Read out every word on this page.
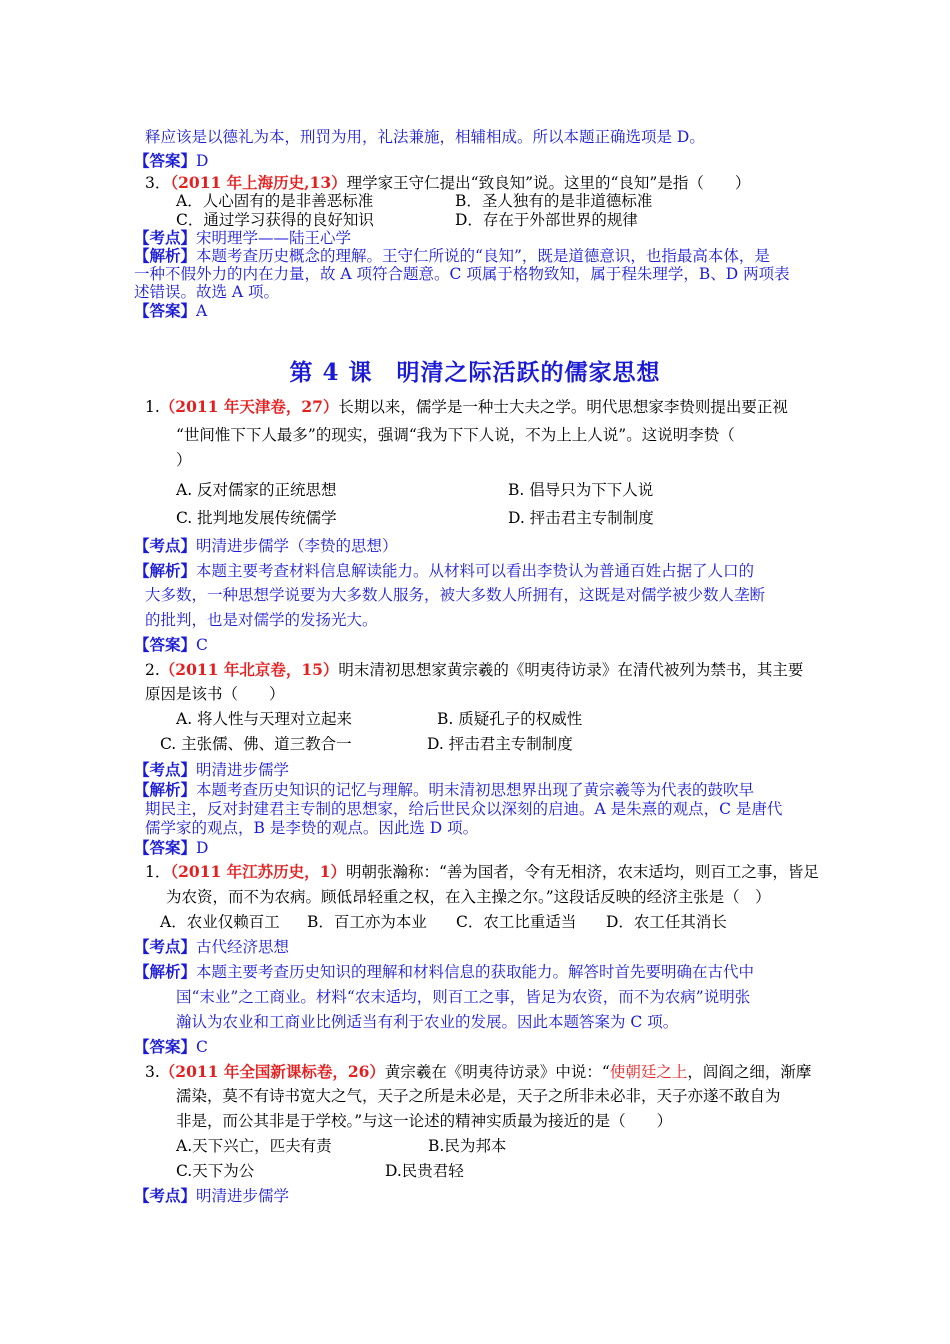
释应该是以德礼为本，刑罚为用，礼法兼施，相辅相成。所以本题正确选项是 D。
【答案】D
3．（2011 年上海历史,13）理学家王守仁提出“致良知”说。这里的“良知”是指（　　）
A．人心固有的是非善恶标准	B．圣人独有的是非道德标准
C．通过学习获得的良好知识	D．存在于外部世界的规律
【考点】宋明理学——陆王心学
【解析】本题考查历史概念的理解。王守仁所说的“良知”，既是道德意识，也指最高本体，是
一种不假外力的内在力量，故 A 项符合题意。C 项属于格物致知，属于程朱理学，B、D 两项表
述错误。故选 A 项。
【答案】A
第 4 课　明清之际活跃的儒家思想
1.（2011 年天津卷，27）长期以来，儒学是一种士大夫之学。明代思想家李贽则提出要正视
“世间惟下下人最多”的现实，强调“我为下下人说，不为上上人说”。这说明李贽（
）
A. 反对儒家的正统思想	B. 倡导只为下下人说
C. 批判地发展传统儒学	D. 抨击君主专制制度
【考点】明清进步儒学（李贽的思想）
【解析】本题主要考查材料信息解读能力。从材料可以看出李贽认为普通百姓占据了人口的
大多数，一种思想学说要为大多数人服务，被大多数人所拥有，这既是对儒学被少数人垄断
的批判，也是对儒学的发扬光大。
【答案】C
2.（2011 年北京卷，15）明末清初思想家黄宗羲的《明夷待访录》在清代被列为禁书，其主要
原因是该书（　　）
A. 将人性与天理对立起来	B. 质疑孔子的权威性
C. 主张儒、佛、道三教合一	D. 抨击君主专制制度
【考点】明清进步儒学
【解析】本题考查历史知识的记忆与理解。明末清初思想界出现了黄宗羲等为代表的鼓吹早
期民主，反对封建君主专制的思想家，给后世民众以深刻的启迪。A 是朱熹的观点，C 是唐代
儒学家的观点，B 是李贽的观点。因此选 D 项。
【答案】D
1．（2011 年江苏历史，1）明朝张瀚称：“善为国者，令有无相济，农末适均，则百工之事，皆足
为农资，而不为农病。顾低昂轻重之权，在入主操之尔。”这段话反映的经济主张是（　）
A．农业仅赖百工 B．百工亦为本业 C．农工比重适当 D．农工任其消长
【考点】古代经济思想
【解析】本题主要考查历史知识的理解和材料信息的获取能力。解答时首先要明确在古代中
国“末业”之工商业。材料“农末适均，则百工之事，皆足为农资，而不为农病”说明张
瀚认为农业和工商业比例适当有利于农业的发展。因此本题答案为 C 项。
【答案】C
3.（2011 年全国新课标卷，26）黄宗羲在《明夷待访录》中说：“使朝廷之上，闾阎之细，渐摩
濡染，莫不有诗书宽大之气，天子之所是未必是，天子之所非未必非，天子亦遂不敢自为
非是，而公其非是于学校。”与这一论述的精神实质最为接近的是（　　）
A.天下兴亡，匹夫有责	B.民为邦本
C.天下为公	D.民贵君轻
【考点】明清进步儒学
